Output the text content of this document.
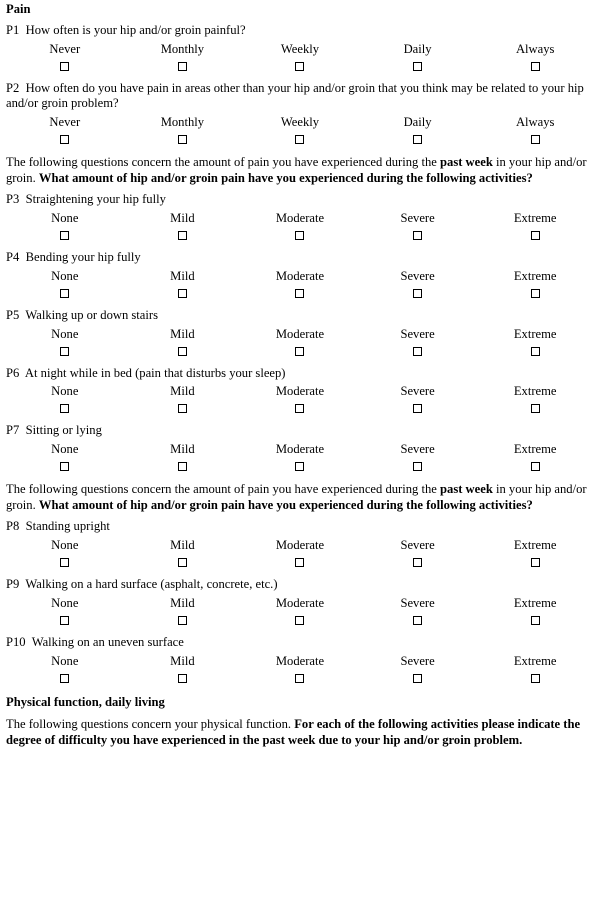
Pain
P1 How often is your hip and/or groin painful?
Never	Monthly	Weekly	Daily	Always

P2 How often do you have pain in areas other than your hip and/or groin that you think may be related to your hip and/or groin problem?
Never	Monthly	Weekly	Daily	Always

The following questions concern the amount of pain you have experienced during the past week in your hip and/or groin. What amount of hip and/or groin pain have you experienced during the following activities?
P3 Straightening your hip fully
None	Mild	Moderate	Severe	Extreme

P4 Bending your hip fully
None	Mild	Moderate	Severe	Extreme

P5 Walking up or down stairs
None	Mild	Moderate	Severe	Extreme

P6 At night while in bed (pain that disturbs your sleep)
None	Mild	Moderate	Severe	Extreme

P7 Sitting or lying
None	Mild	Moderate	Severe	Extreme

The following questions concern the amount of pain you have experienced during the past week in your hip and/or groin. What amount of hip and/or groin pain have you experienced during the following activities?
P8 Standing upright
None	Mild	Moderate	Severe	Extreme

P9 Walking on a hard surface (asphalt, concrete, etc.)
None	Mild	Moderate	Severe	Extreme

P10 Walking on an uneven surface
None	Mild	Moderate	Severe	Extreme

Physical function, daily living
The following questions concern your physical function. For each of the following activities please indicate the degree of difficulty you have experienced in the past week due to your hip and/or groin problem.
